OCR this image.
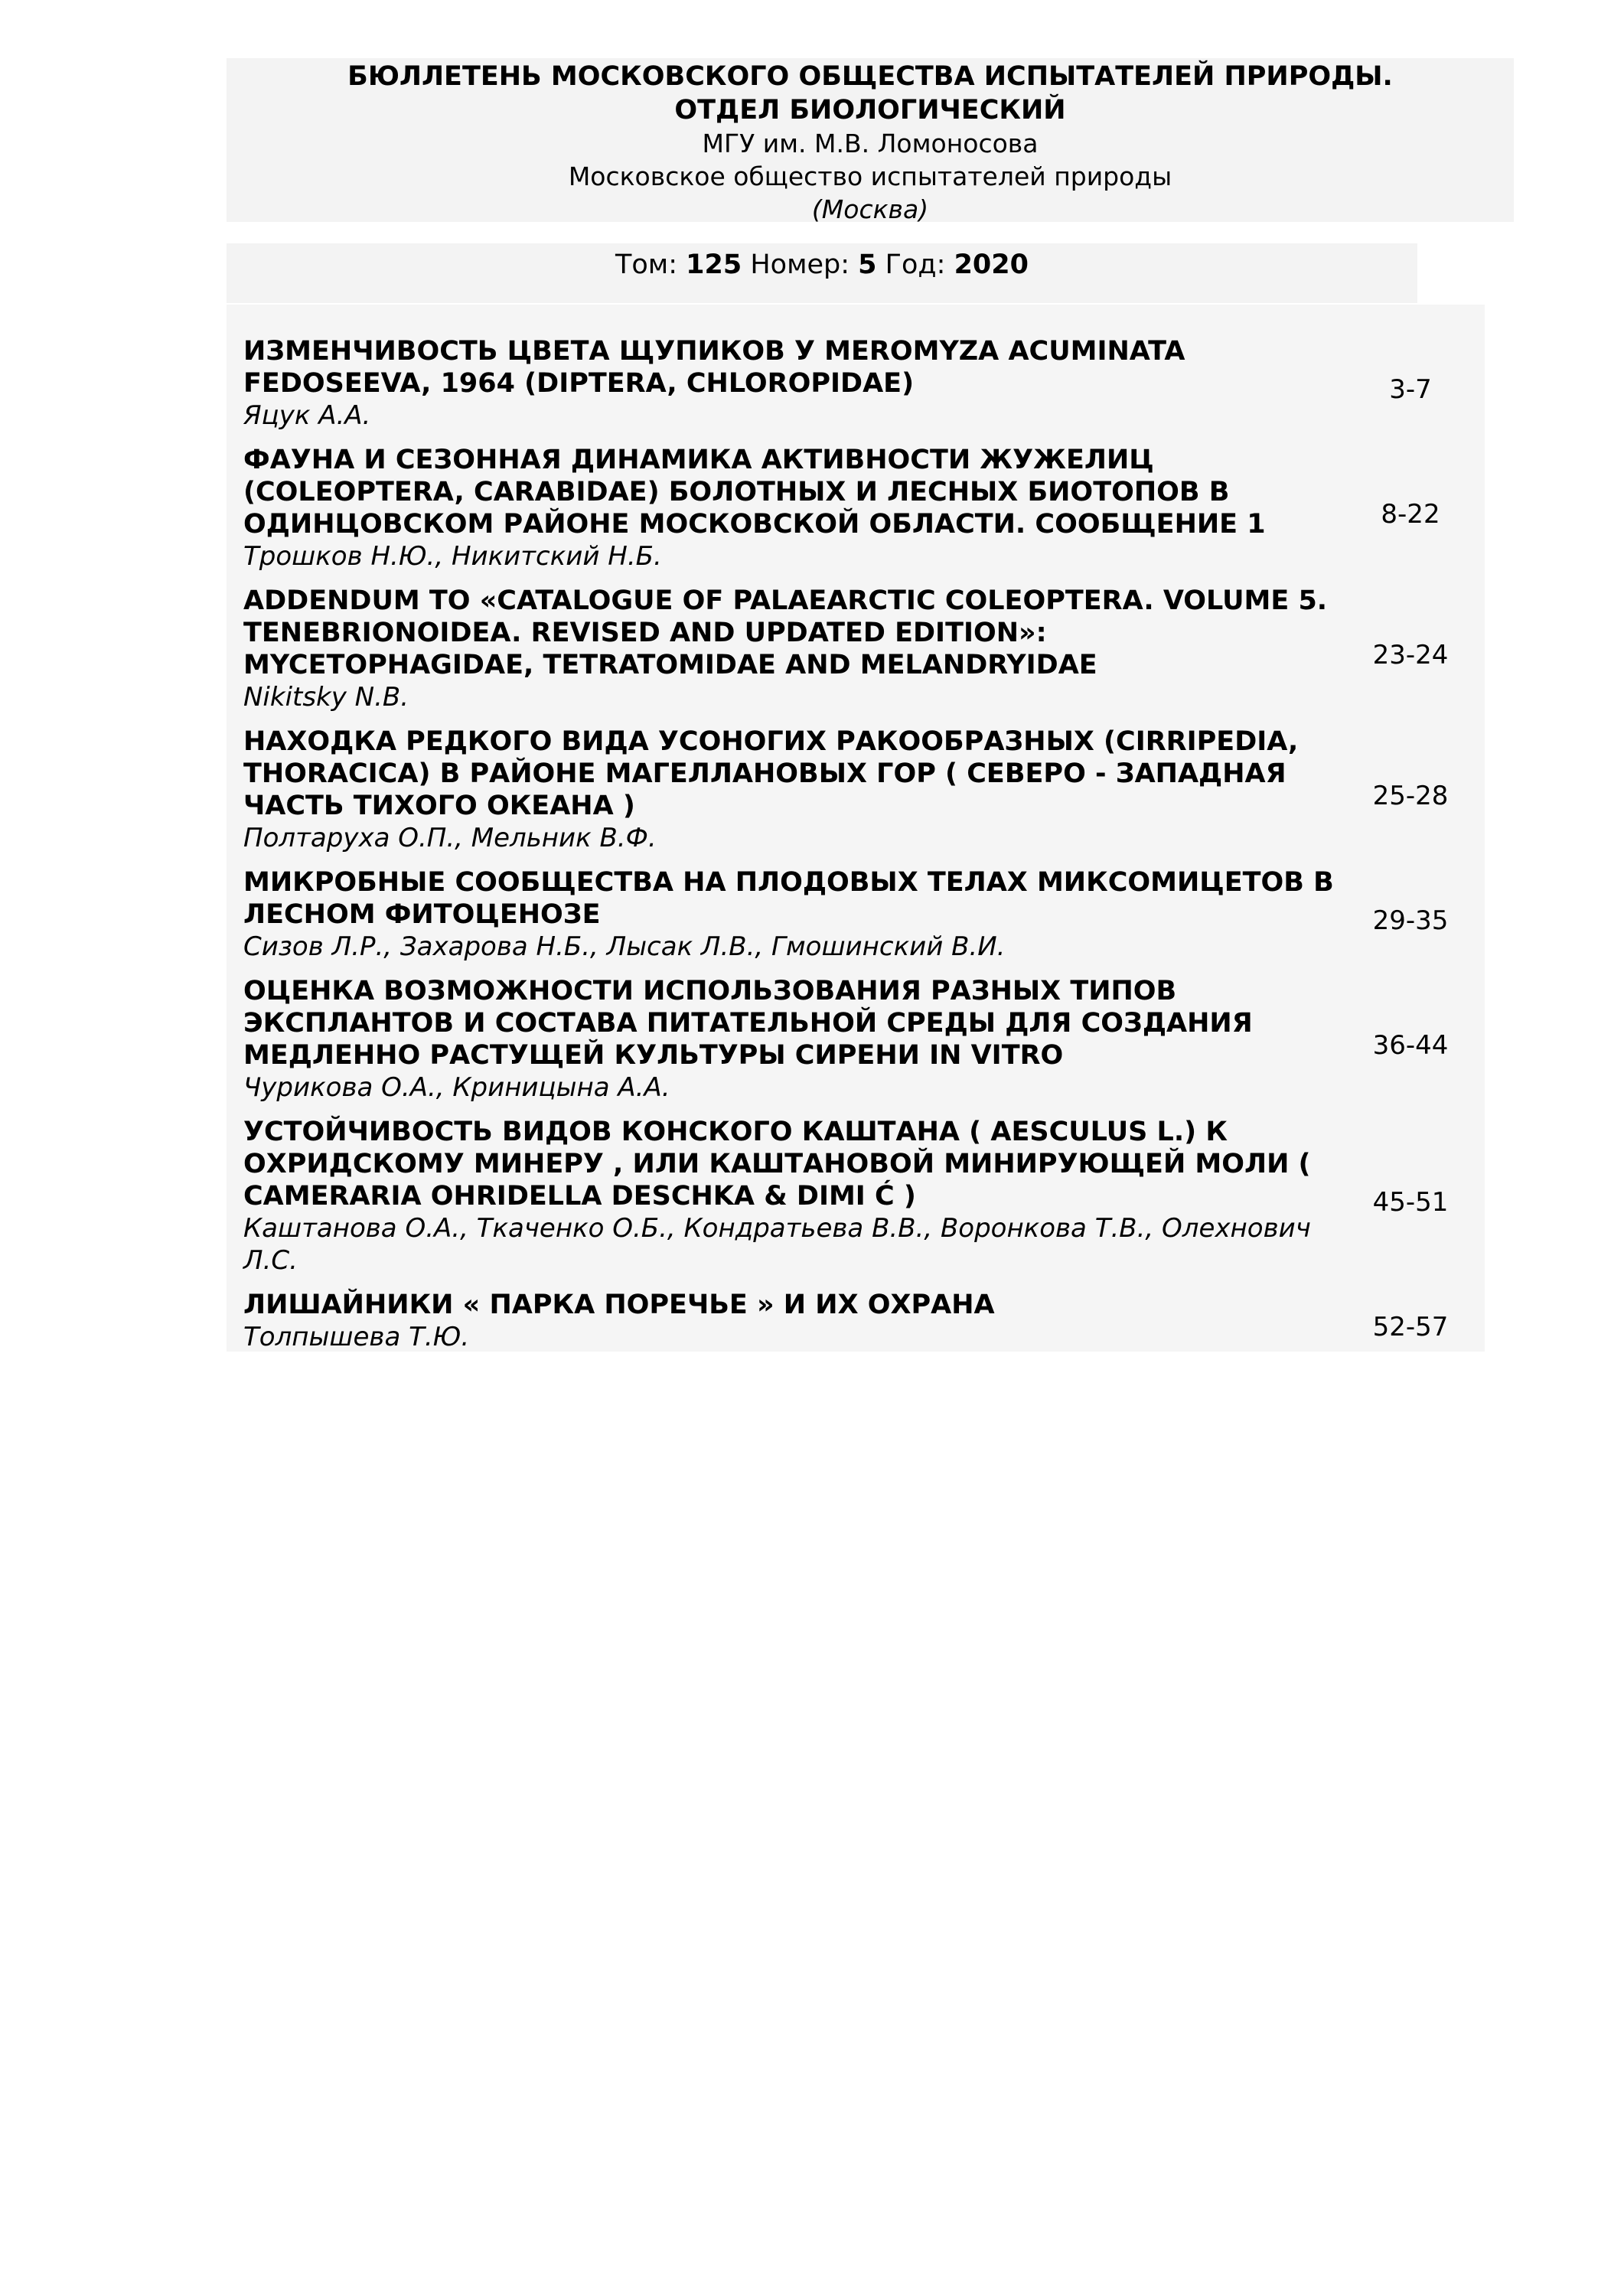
БЮЛЛЕТЕНЬ МОСКОВСКОГО ОБЩЕСТВА ИСПЫТАТЕЛЕЙ ПРИРОДЫ. ОТДЕЛ БИОЛОГИЧЕСКИЙ
МГУ им. М.В. Ломоносова
Московское общество испытателей природы
(Москва)
Том: 125 Номер: 5 Год: 2020
ИЗМЕНЧИВОСТЬ ЦВЕТА ЩУПИКОВ У MEROMYZA ACUMINATA FEDOSEEVA, 1964 (DIPTERA, CHLOROPIDAE)
Яцук А.А.	3-7

ФАУНА И СЕЗОННАЯ ДИНАМИКА АКТИВНОСТИ ЖУЖЕЛИЦ (COLEOPTERA, CARABIDAE) БОЛОТНЫХ И ЛЕСНЫХ БИОТОПОВ В ОДИНЦОВСКОМ РАЙОНЕ МОСКОВСКОЙ ОБЛАСТИ. СООБЩЕНИЕ 1
Трошков Н.Ю., Никитский Н.Б.	8-22

ADDENDUM TO «CATALOGUE OF PALAEARCTIC COLEOPTERA. VOLUME 5. TENEBRIONOIDEA. REVISED AND UPDATED EDITION»: MYCETOPHAGIDAE, TETRATOMIDAE AND MELANDRYIDAE
Nikitsky N.B.	23-24

НАХОДКА РЕДКОГО ВИДА УСОНОГИХ РАКООБРАЗНЫХ (CIRRIPEDIA, THORACICA) В РАЙОНЕ МАГЕЛЛАНОВЫХ ГОР ( СЕВЕРО - ЗАПАДНАЯ ЧАСТЬ ТИХОГО ОКЕАНА )
Полтаруха О.П., Мельник В.Ф.	25-28

МИКРОБНЫЕ СООБЩЕСТВА НА ПЛОДОВЫХ ТЕЛАХ МИКСОМИЦЕТОВ В ЛЕСНОМ ФИТОЦЕНОЗЕ
Сизов Л.Р., Захарова Н.Б., Лысак Л.В., Гмошинский В.И.	29-35

ОЦЕНКА ВОЗМОЖНОСТИ ИСПОЛЬЗОВАНИЯ РАЗНЫХ ТИПОВ ЭКСПЛАНТОВ И СОСТАВА ПИТАТЕЛЬНОЙ СРЕДЫ ДЛЯ СОЗДАНИЯ МЕДЛЕННО РАСТУЩЕЙ КУЛЬТУРЫ СИРЕНИ IN VITRO
Чурикова О.А., Криницына А.А.	36-44

УСТОЙЧИВОСТЬ ВИДОВ КОНСКОГО КАШТАНА ( AESCULUS L.) К ОХРИДСКОМУ МИНЕРУ , ИЛИ КАШТАНОВОЙ МИНИРУЮЩЕЙ МОЛИ ( CAMERARIA OHRIDELLA DESCHKA & DIMI Ć )
Каштанова О.А., Ткаченко О.Б., Кондратьева В.В., Воронкова Т.В., Олехнович Л.С.	45-51

ЛИШАЙНИКИ « ПАРКА ПОРЕЧЬЕ » И ИХ ОХРАНА
Толпышева Т.Ю.	52-57
